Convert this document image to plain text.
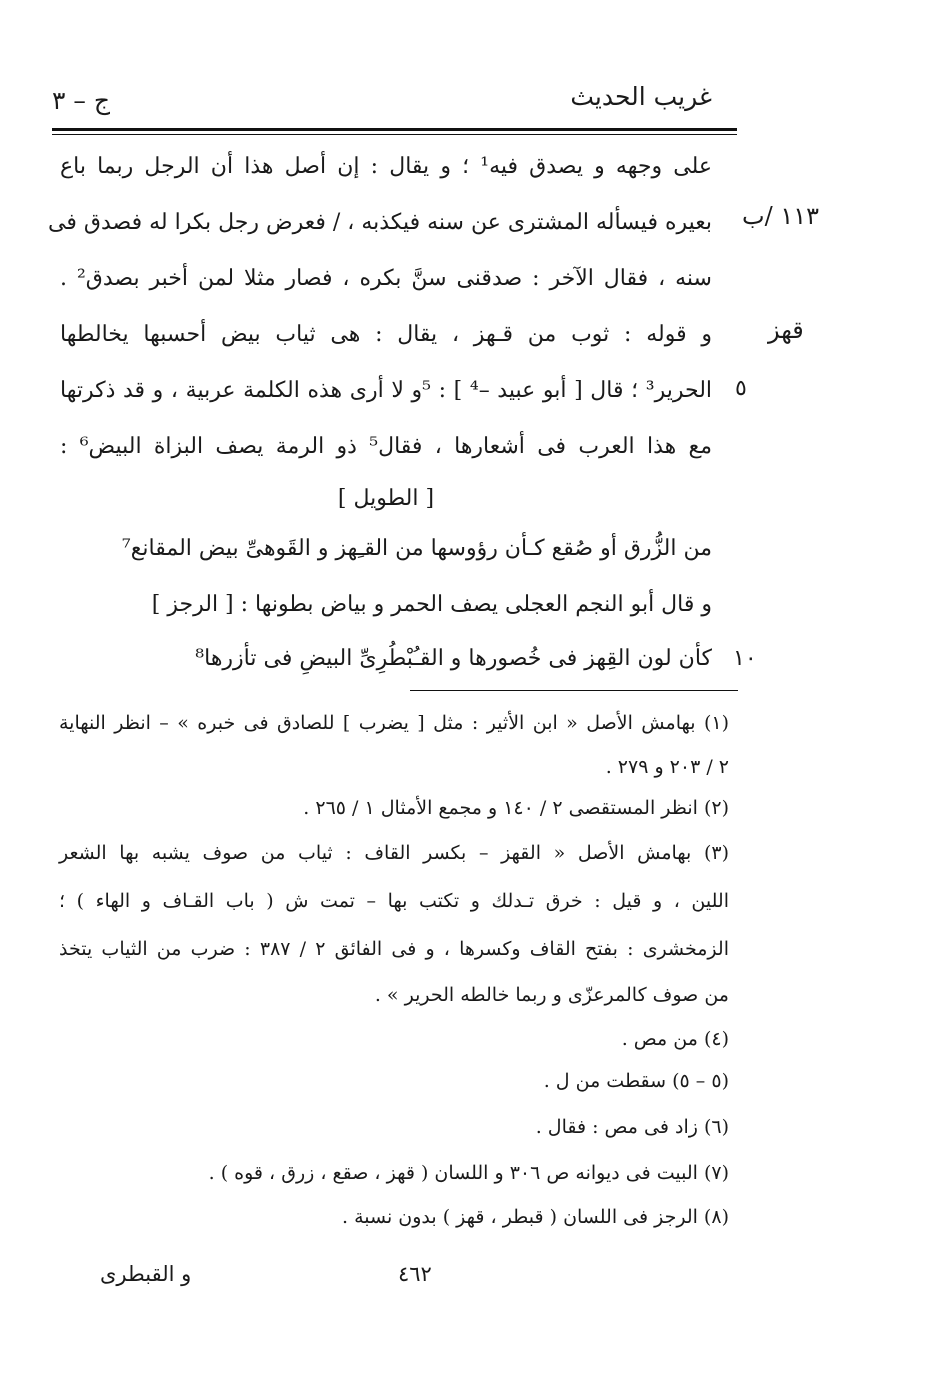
غريب الحديث
ج – ٣
١١٣ /ب
قهز
٥
١٠
على وجهه و يصدق فيه¹ ؛ و يقال : إن أصل هذا أن الرجل ربما باع
بعيره فيسأله المشترى عن سنه فيكذبه ، / فعرض رجل بكرا له فصدق فى
سنه ، فقال الآخر : صدقنى سنَّ بكره ، فصار مثلا لمن أخبر بصدق² .
و قوله : ثوب من قـهز ، يقال : هى ثياب بيض أحسبها يخالطها
الحرير³ ؛ قال [ أبو عبيد –⁴ ] : ⁵و لا أرى هذه الكلمة عربية ، و قد ذكرتها
مع هذا العرب فى أشعارها ، فقال⁵ ذو الرمة يصف البزاة البيض⁶ :
[ الطويل ]
من الزُّرق أو صُقع كـأن رؤوسها من القـِهز و القَوهىِّ بيض المقانع⁷
و قال أبو النجم العجلى يصف الحمر و بياض بطونها : [ الرجز ]
كأن لون القِهز فى خُصورها و القـُبْطُرِىِّ البيضِ فى تأزرها⁸
(١) بهامش الأصل « ابن الأثير : مثل [ يضرب ] للصادق فى خبره » – انظر النهاية
٢ / ٢٠٣ و ٢٧٩ .
(٢) انظر المستقصى ٢ / ١٤٠ و مجمع الأمثال ١ / ٢٦٥ .
(٣) بهامش الأصل « القهز – بكسر القاف : ثياب من صوف يشبه بها الشعر
اللين ، و قيل : خرق تـدلك و تكتب بها – تمت ش ( باب القـاف و الهاء ) ؛
الزمخشرى : بفتح القاف وكسرها ، و فى الفائق ٢ / ٣٨٧ : ضرب من الثياب يتخذ
من صوف كالمرعزّى و ربما خالطه الحرير » .
(٤) من مص .
(٥ – ٥) سقطت من ل .
(٦) زاد فى مص : فقال .
(٧) البيت فى ديوانه ص ٣٠٦ و اللسان ( قهز ، صقع ، زرق ، قوه ) .
(٨) الرجز فى اللسان ( قبطر ، قهز ) بدون نسبة .
٤٦٢
و القبطرى
